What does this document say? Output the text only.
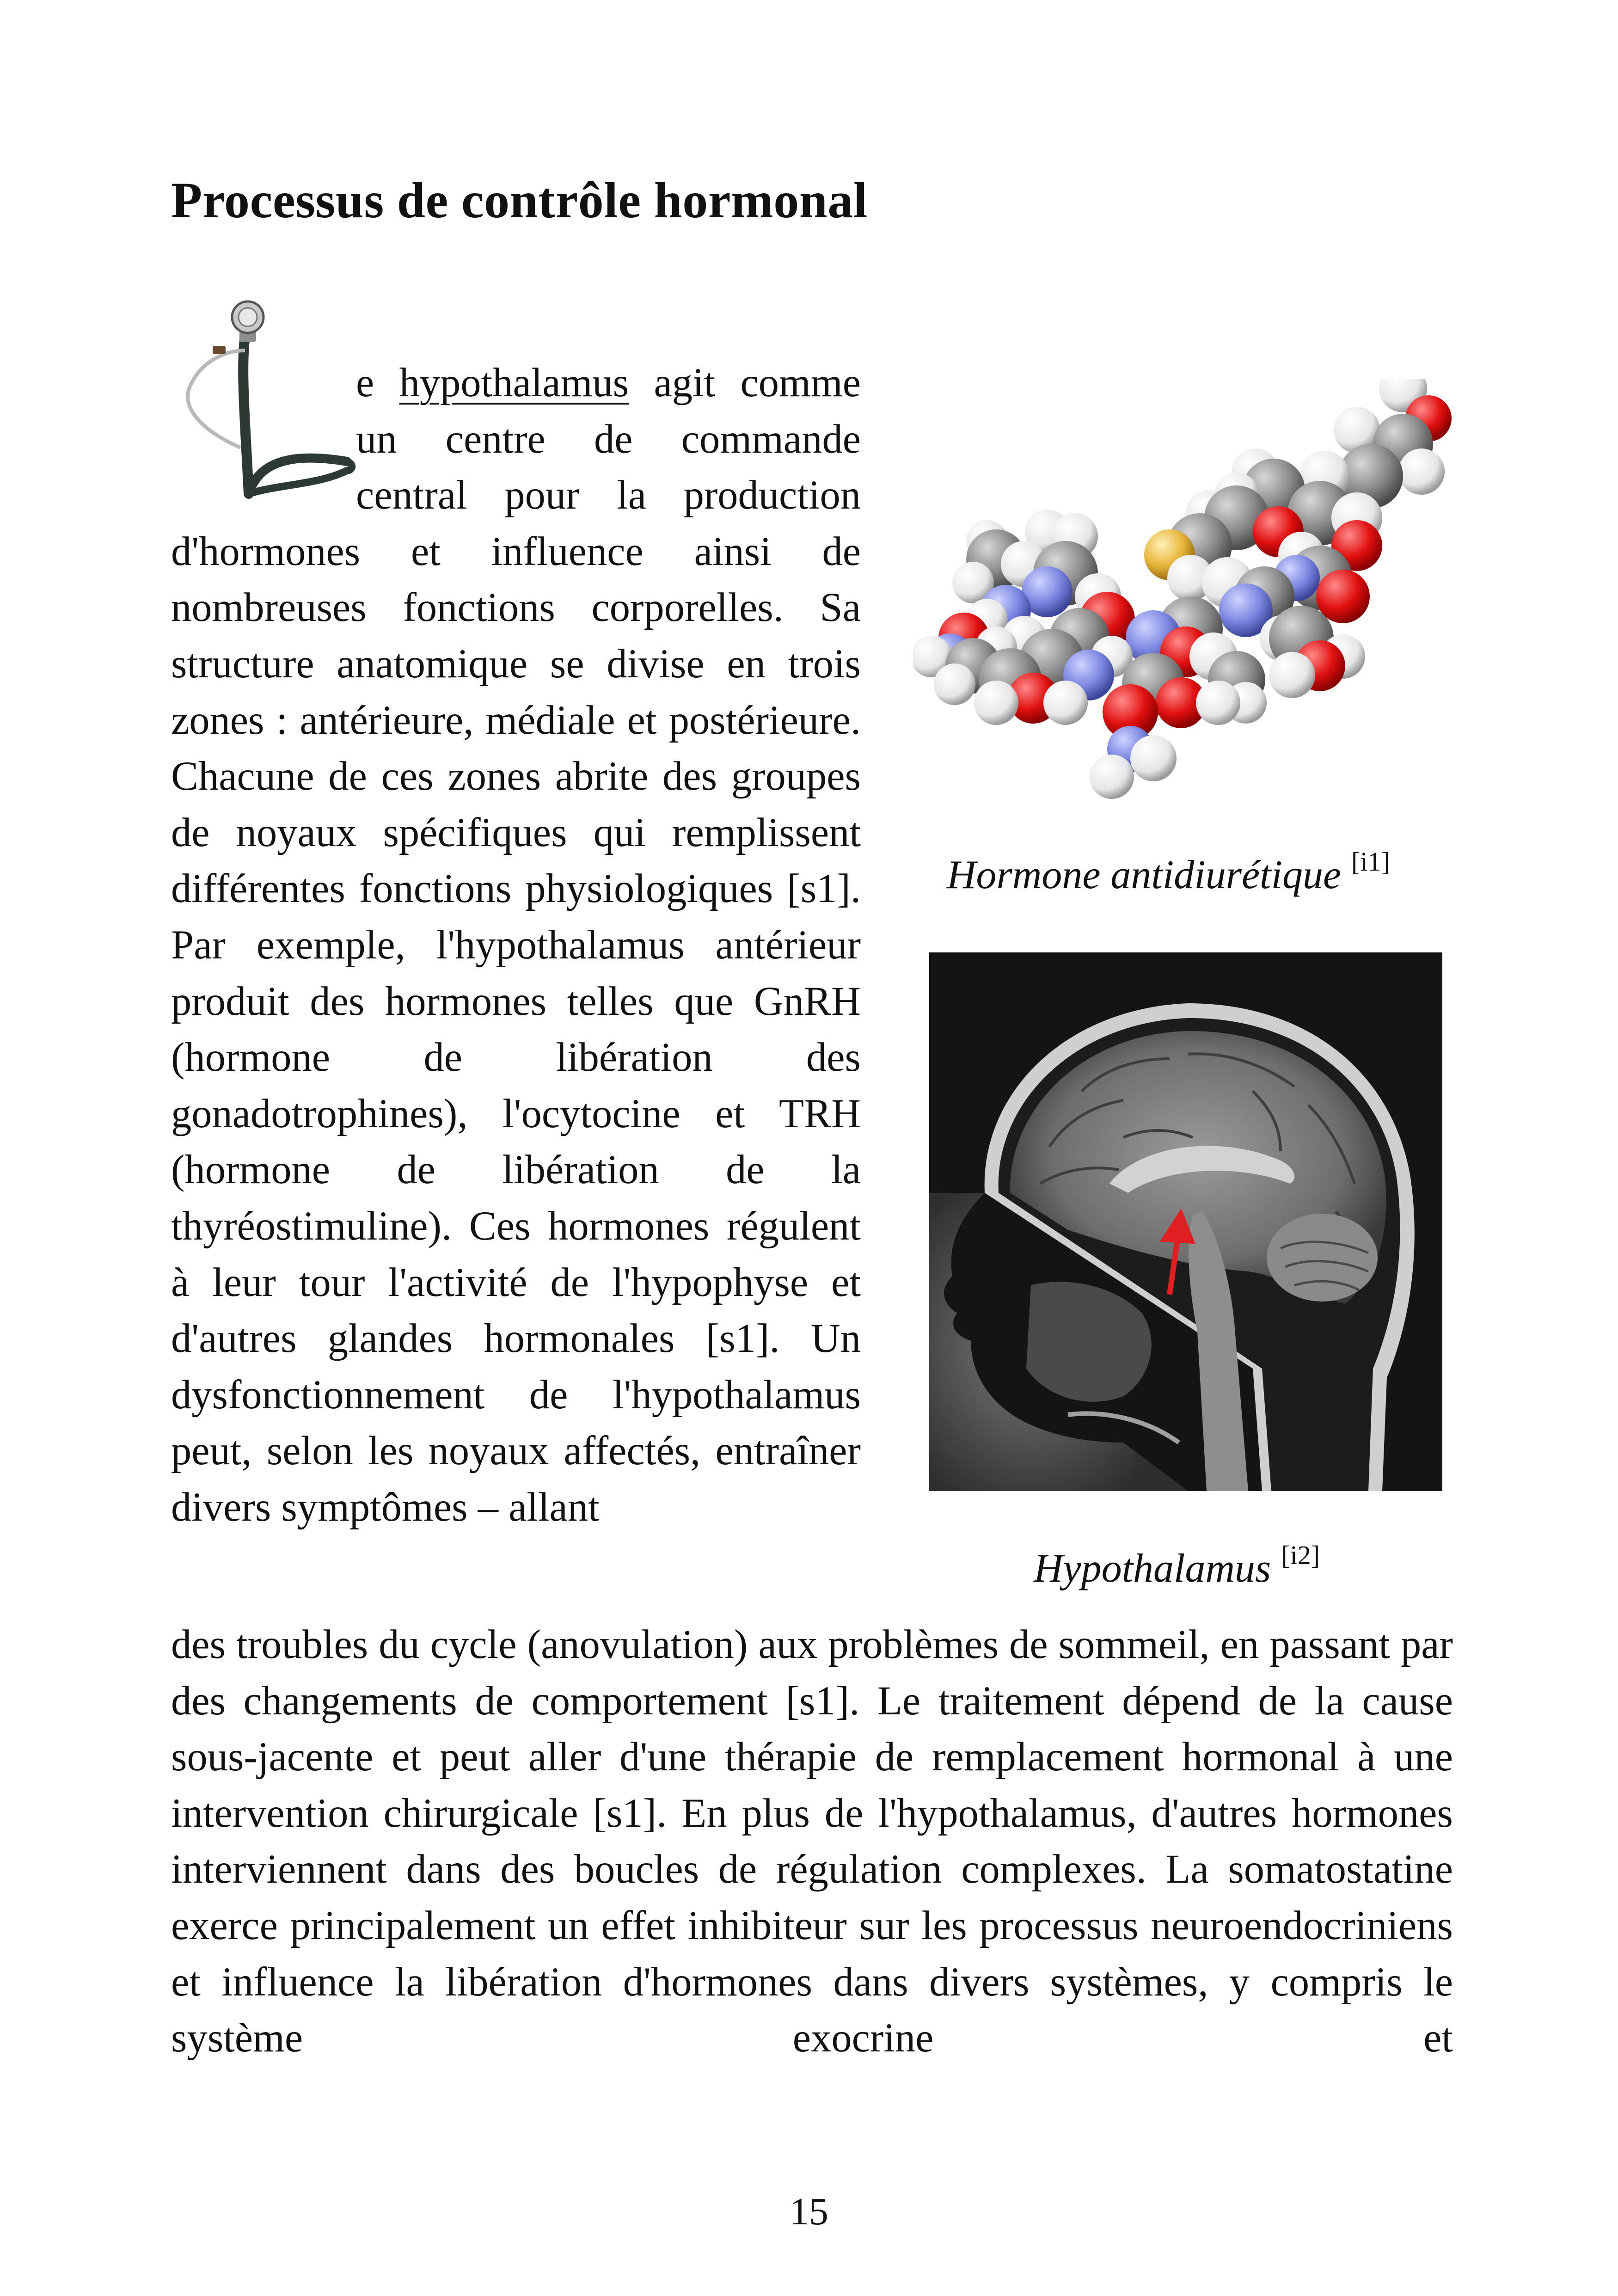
Processus de contrôle hormonal
e hypothalamus agit comme un centre de commande central pour la production d'hormones et influence ainsi de nombreuses fonctions corporelles. Sa structure anatomique se divise en trois zones : antérieure, médiale et postérieure. Chacune de ces zones abrite des groupes de noyaux spécifiques qui remplissent différentes fonctions physiologiques [s1]. Par exemple, l'hypothalamus antérieur produit des hormones telles que GnRH (hormone de libération des gonadotrophines), l'ocytocine et TRH (hormone de libération de la thyréostimuline). Ces hormones régulent à leur tour l'activité de l'hypophyse et d'autres glandes hormonales [s1]. Un dysfonctionnement de l'hypothalamus peut, selon les noyaux affectés, entraîner divers symptômes – allant
des troubles du cycle (anovulation) aux problèmes de sommeil, en passant par des changements de comportement [s1]. Le traitement dépend de la cause sous-jacente et peut aller d'une thérapie de remplacement hormonal à une intervention chirurgicale [s1]. En plus de l'hypothalamus, d'autres hormones interviennent dans des boucles de régulation complexes. La somatostatine exerce principalement un effet inhibiteur sur les processus neuroendocriniens et influence la libération d'hormones dans divers systèmes, y compris le système exocrine et
Hormone antidiurétique [i1]
Hypothalamus [i2]
15
